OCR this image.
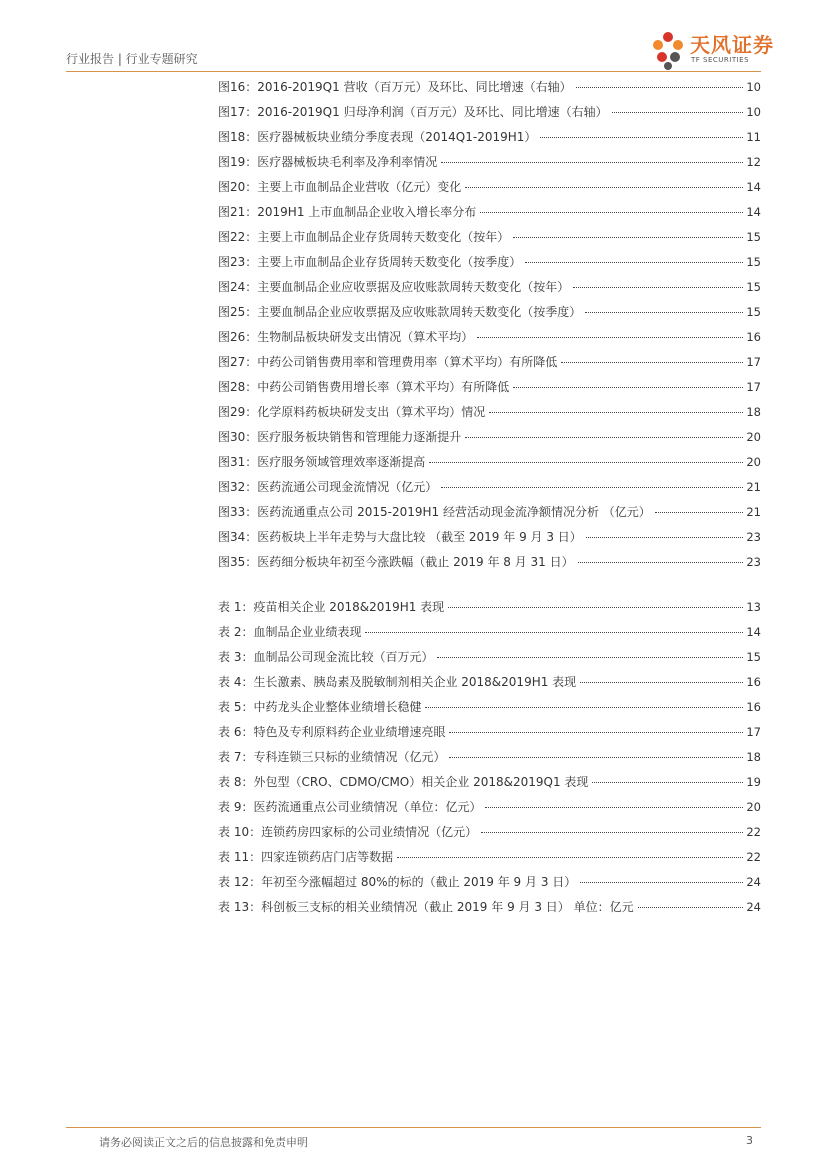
行业报告 | 行业专题研究
天风证券
TF SECURITIES
图16：2016-2019Q1 营收（百万元）及环比、同比增速（右轴）	10
图17：2016-2019Q1 归母净利润（百万元）及环比、同比增速（右轴）	10
图18：医疗器械板块业绩分季度表现（2014Q1-2019H1）	11
图19：医疗器械板块毛利率及净利率情况	12
图20：主要上市血制品企业营收（亿元）变化	14
图21：2019H1 上市血制品企业收入增长率分布	14
图22：主要上市血制品企业存货周转天数变化（按年）	15
图23：主要上市血制品企业存货周转天数变化（按季度）	15
图24：主要血制品企业应收票据及应收账款周转天数变化（按年）	15
图25：主要血制品企业应收票据及应收账款周转天数变化（按季度）	15
图26：生物制品板块研发支出情况（算术平均）	16
图27：中药公司销售费用率和管理费用率（算术平均）有所降低	17
图28：中药公司销售费用增长率（算术平均）有所降低	17
图29：化学原料药板块研发支出（算术平均）情况	18
图30：医疗服务板块销售和管理能力逐渐提升	20
图31：医疗服务领域管理效率逐渐提高	20
图32：医药流通公司现金流情况（亿元）	21
图33：医药流通重点公司 2015-2019H1 经营活动现金流净额情况分析 （亿元）	21
图34：医药板块上半年走势与大盘比较 （截至 2019 年 9 月 3 日）	23
图35：医药细分板块年初至今涨跌幅（截止 2019 年 8 月 31 日）	23
表 1：疫苗相关企业 2018&2019H1 表现	13
表 2：血制品企业业绩表现	14
表 3：血制品公司现金流比较（百万元）	15
表 4：生长激素、胰岛素及脱敏制剂相关企业 2018&2019H1 表现	16
表 5：中药龙头企业整体业绩增长稳健	16
表 6：特色及专利原料药企业业绩增速亮眼	17
表 7：专科连锁三只标的业绩情况（亿元）	18
表 8：外包型（CRO、CDMO/CMO）相关企业 2018&2019Q1 表现	19
表 9：医药流通重点公司业绩情况（单位：亿元）	20
表 10：连锁药房四家标的公司业绩情况（亿元）	22
表 11：四家连锁药店门店等数据	22
表 12：年初至今涨幅超过 80%的标的（截止 2019 年 9 月 3 日）	24
表 13：科创板三支标的相关业绩情况（截止 2019 年 9 月 3 日） 单位：亿元	24
请务必阅读正文之后的信息披露和免责申明	3
